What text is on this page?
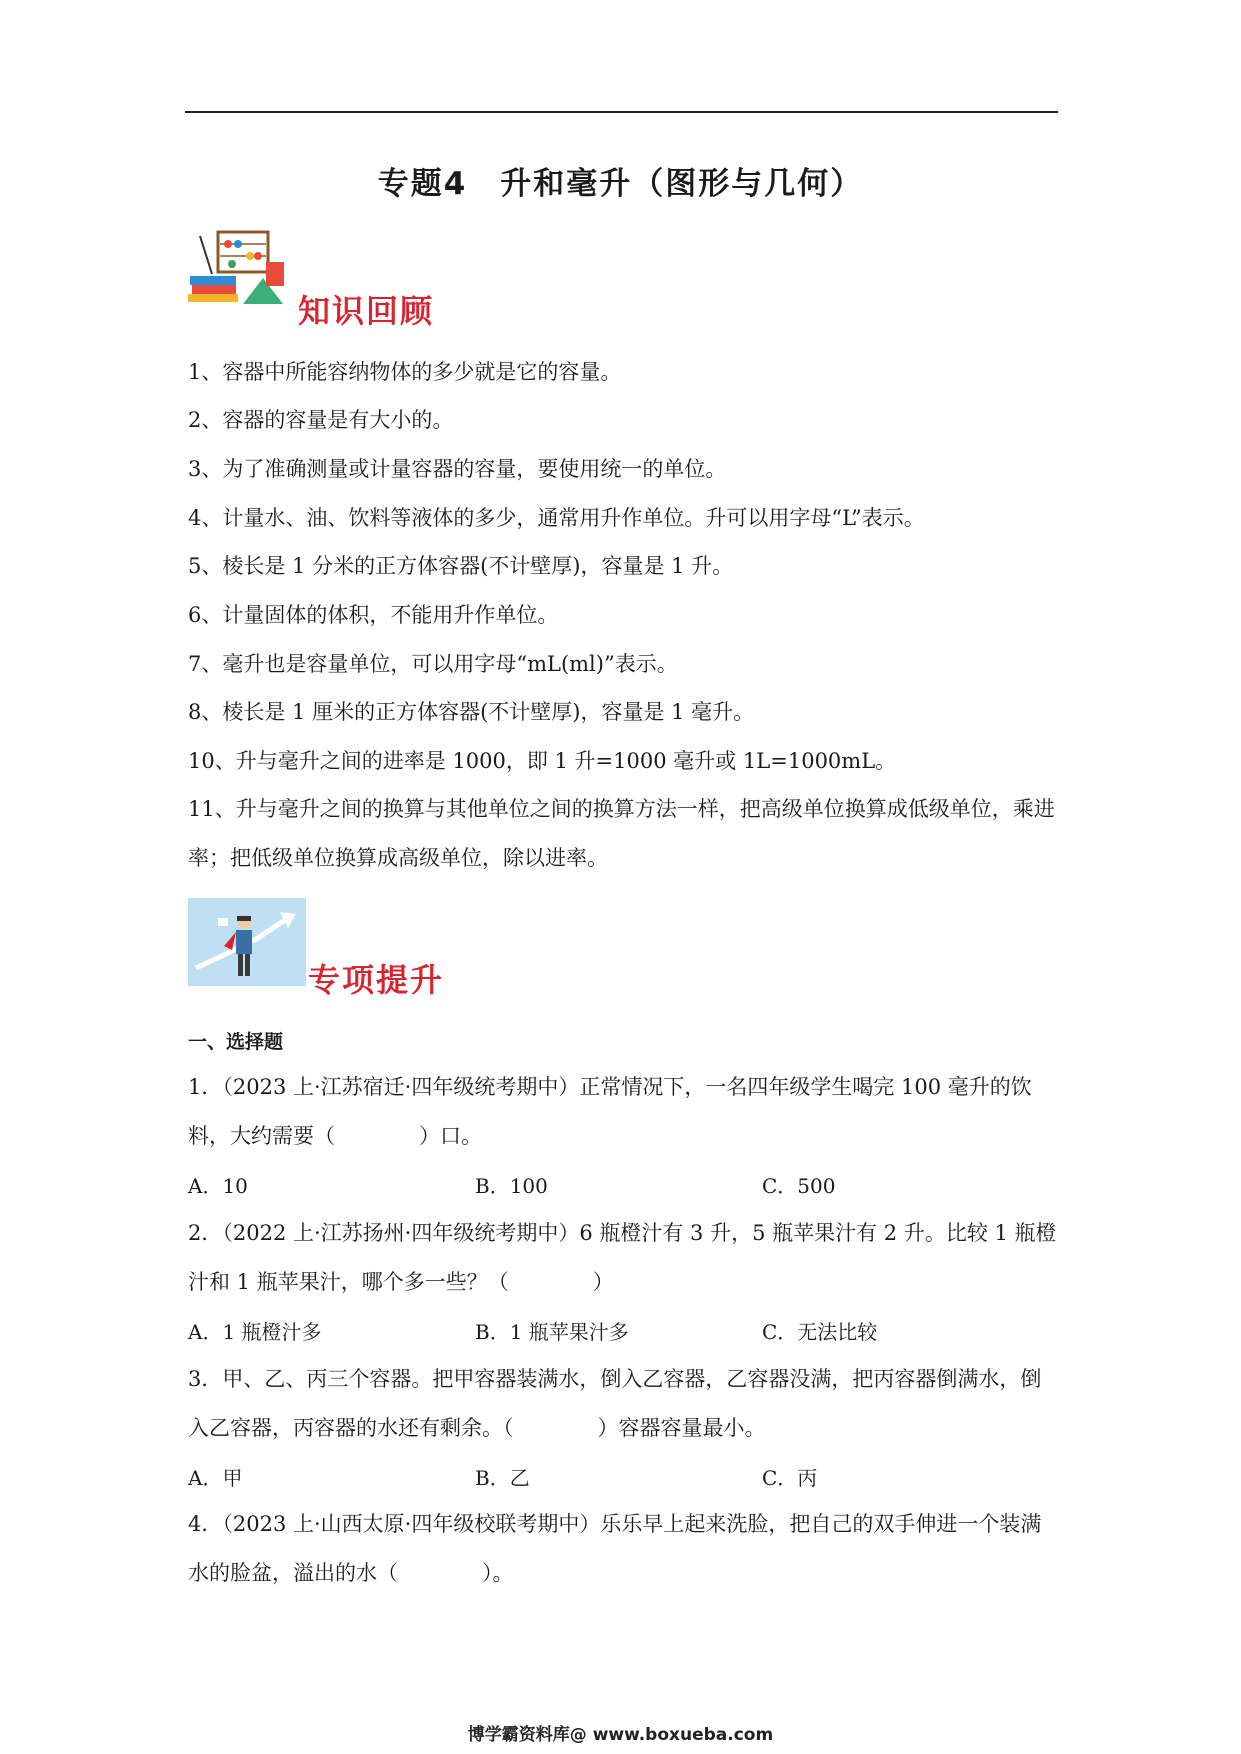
专题4　升和毫升（图形与几何）
知识回顾
1、容器中所能容纳物体的多少就是它的容量。
2、容器的容量是有大小的。
3、为了准确测量或计量容器的容量，要使用统一的单位。
4、计量水、油、饮料等液体的多少，通常用升作单位。升可以用字母“L”表示。
5、棱长是 1 分米的正方体容器(不计壁厚)，容量是 1 升。
6、计量固体的体积，不能用升作单位。
7、毫升也是容量单位，可以用字母“mL(ml)”表示。
8、棱长是 1 厘米的正方体容器(不计壁厚)，容量是 1 毫升。
10、升与毫升之间的进率是 1000，即 1 升=1000 毫升或 1L=1000mL。
11、升与毫升之间的换算与其他单位之间的换算方法一样，把高级单位换算成低级单位，乘进率；把低级单位换算成高级单位，除以进率。
专项提升
一、选择题
1．（2023 上·江苏宿迁·四年级统考期中）正常情况下，一名四年级学生喝完 100 毫升的饮料，大约需要（　　　　）口。
A．10	B．100	C．500
2．（2022 上·江苏扬州·四年级统考期中）6 瓶橙汁有 3 升，5 瓶苹果汁有 2 升。比较 1 瓶橙汁和 1 瓶苹果汁，哪个多一些？（　　　　）
A．1 瓶橙汁多	B．1 瓶苹果汁多	C．无法比较
3．甲、乙、丙三个容器。把甲容器装满水，倒入乙容器，乙容器没满，把丙容器倒满水，倒入乙容器，丙容器的水还有剩余。（　　　　）容器容量最小。
A．甲	B．乙	C．丙
4．（2023 上·山西太原·四年级校联考期中）乐乐早上起来洗脸，把自己的双手伸进一个装满水的脸盆，溢出的水（　　　　）。
博学霸资料库@ www.boxueba.com
